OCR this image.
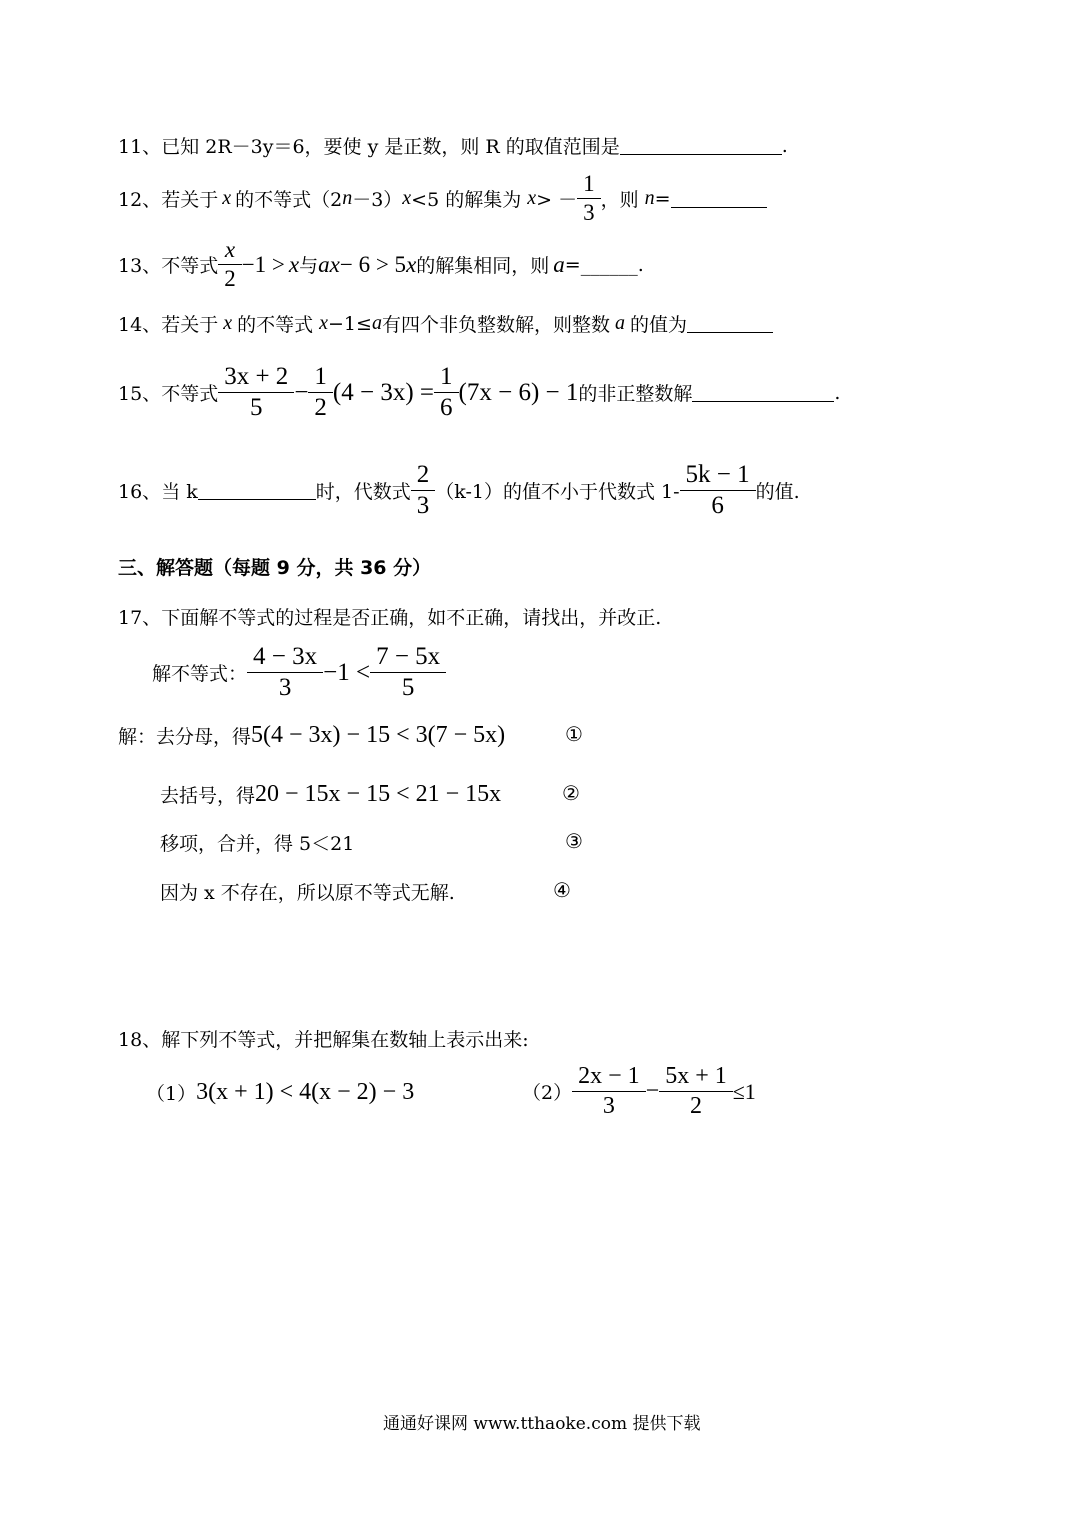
11、 已知 2R－3y＝6，要使 y 是正数，则 R 的取值范围是	.
12、 若关于 x 的不等式（2 n －3） x <5 的解集为 x > － $\frac{1}{3}$ ，则 n =
13、 不等式 $\frac{x}{2} -1 > x$ 与 ax − 6 > 5 x 的解集相同，则 a =______.
14、 若关于 x 的不等式 x −1≤ a 有四个非负整数解，则整数 a 的值为
15、 不等式 $\frac{3x + 2}{5} - \frac{1}{2} (4 - 3x) = \frac{1}{6} (7x - 6) - 1$ 的非正整数解	.
16、 当 k	时，代数式 $\frac{2}{3} (k-1)$的值不小于代数式 $1- \frac{5k - 1}{6}$ 的值.
三、解答题（每题 9 分，共 36 分）
17、 下面解不等式的过程是否正确，如不正确，请找出，并改正.
解不等式： $\frac{4 - 3x}{3} -1 < \frac{7 - 5x}{5}$
解： 去分母，得 5(4 − 3x) − 15 < 3(7 − 5x)	①
去括号，得 20 − 15x − 15 < 21 − 15x	②
移项，合并，得 5＜21	③
因为 x 不存在，所以原不等式无解.	④
18、 解下列不等式，并把解集在数轴上表示出来:
（1） 3(x + 1) < 4(x − 2) − 3	$(2) \frac{2x - 1}{3} - \frac{5x + 1}{2} \le 1$
通通好课网 www.tthaoke.com 提供下载
